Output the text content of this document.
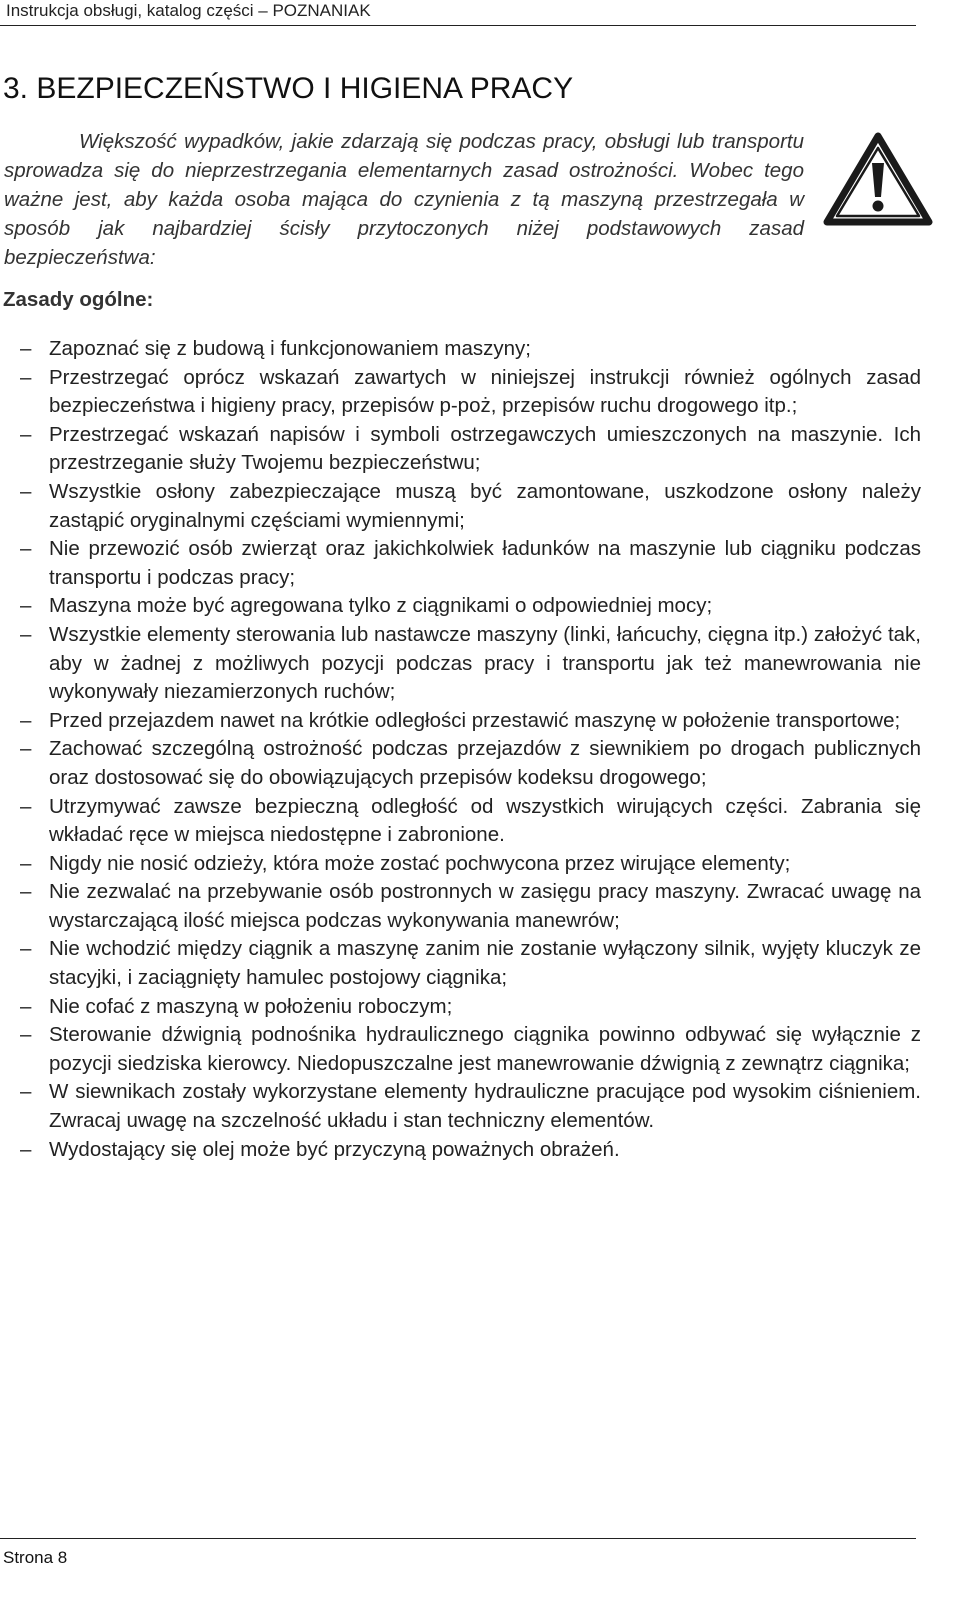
Instrukcja obsługi, katalog części – POZNANIAK
3. BEZPIECZEŃSTWO I HIGIENA PRACY

Większość wypadków, jakie zdarzają się podczas pracy, obsługi lub transportu sprowadza się do nieprzestrzegania elementarnych zasad ostrożności. Wobec tego ważne jest, aby każda osoba mająca do czynienia z tą maszyną przestrzegała w sposób jak najbardziej ścisły przytoczonych niżej podstawowych zasad bezpieczeństwa:

Zasady ogólne:
– Zapoznać się z budową i funkcjonowaniem maszyny;
– Przestrzegać oprócz wskazań zawartych w niniejszej instrukcji również ogólnych zasad bezpieczeństwa i higieny pracy, przepisów p-poż, przepisów ruchu drogowego itp.;
– Przestrzegać wskazań napisów i symboli ostrzegawczych umieszczonych na maszynie. Ich przestrzeganie służy Twojemu bezpieczeństwu;
– Wszystkie osłony zabezpieczające muszą być zamontowane, uszkodzone osłony należy zastąpić oryginalnymi częściami wymiennymi;
– Nie przewozić osób zwierząt oraz jakichkolwiek ładunków na maszynie lub ciągniku podczas transportu i podczas pracy;
– Maszyna może być agregowana tylko z ciągnikami o odpowiedniej mocy;
– Wszystkie elementy sterowania lub nastawcze maszyny (linki, łańcuchy, cięgna itp.) założyć tak, aby w żadnej z możliwych pozycji podczas pracy i transportu jak też manewrowania nie wykonywały niezamierzonych ruchów;
– Przed przejazdem nawet na krótkie odległości przestawić maszynę w położenie transportowe;
– Zachować szczególną ostrożność podczas przejazdów z siewnikiem po drogach publicznych oraz dostosować się do obowiązujących przepisów kodeksu drogowego;
– Utrzymywać zawsze bezpieczną odległość od wszystkich wirujących części. Zabrania się wkładać ręce w miejsca niedostępne i zabronione.
– Nigdy nie nosić odzieży, która może zostać pochwycona przez wirujące elementy;
– Nie zezwalać na przebywanie osób postronnych w zasięgu pracy maszyny. Zwracać uwagę na wystarczającą ilość miejsca podczas wykonywania manewrów;
– Nie wchodzić między ciągnik a maszynę zanim nie zostanie wyłączony silnik, wyjęty kluczyk ze stacyjki, i zaciągnięty hamulec postojowy ciągnika;
– Nie cofać z maszyną w położeniu roboczym;
– Sterowanie dźwignią podnośnika hydraulicznego ciągnika powinno odbywać się wyłącznie z pozycji siedziska kierowcy. Niedopuszczalne jest manewrowanie dźwignią z zewnątrz ciągnika;
– W siewnikach zostały wykorzystane elementy hydrauliczne pracujące pod wysokim ciśnieniem. Zwracaj uwagę na szczelność układu i stan techniczny elementów.
– Wydostający się olej może być przyczyną poważnych obrażeń.
Strona 8
